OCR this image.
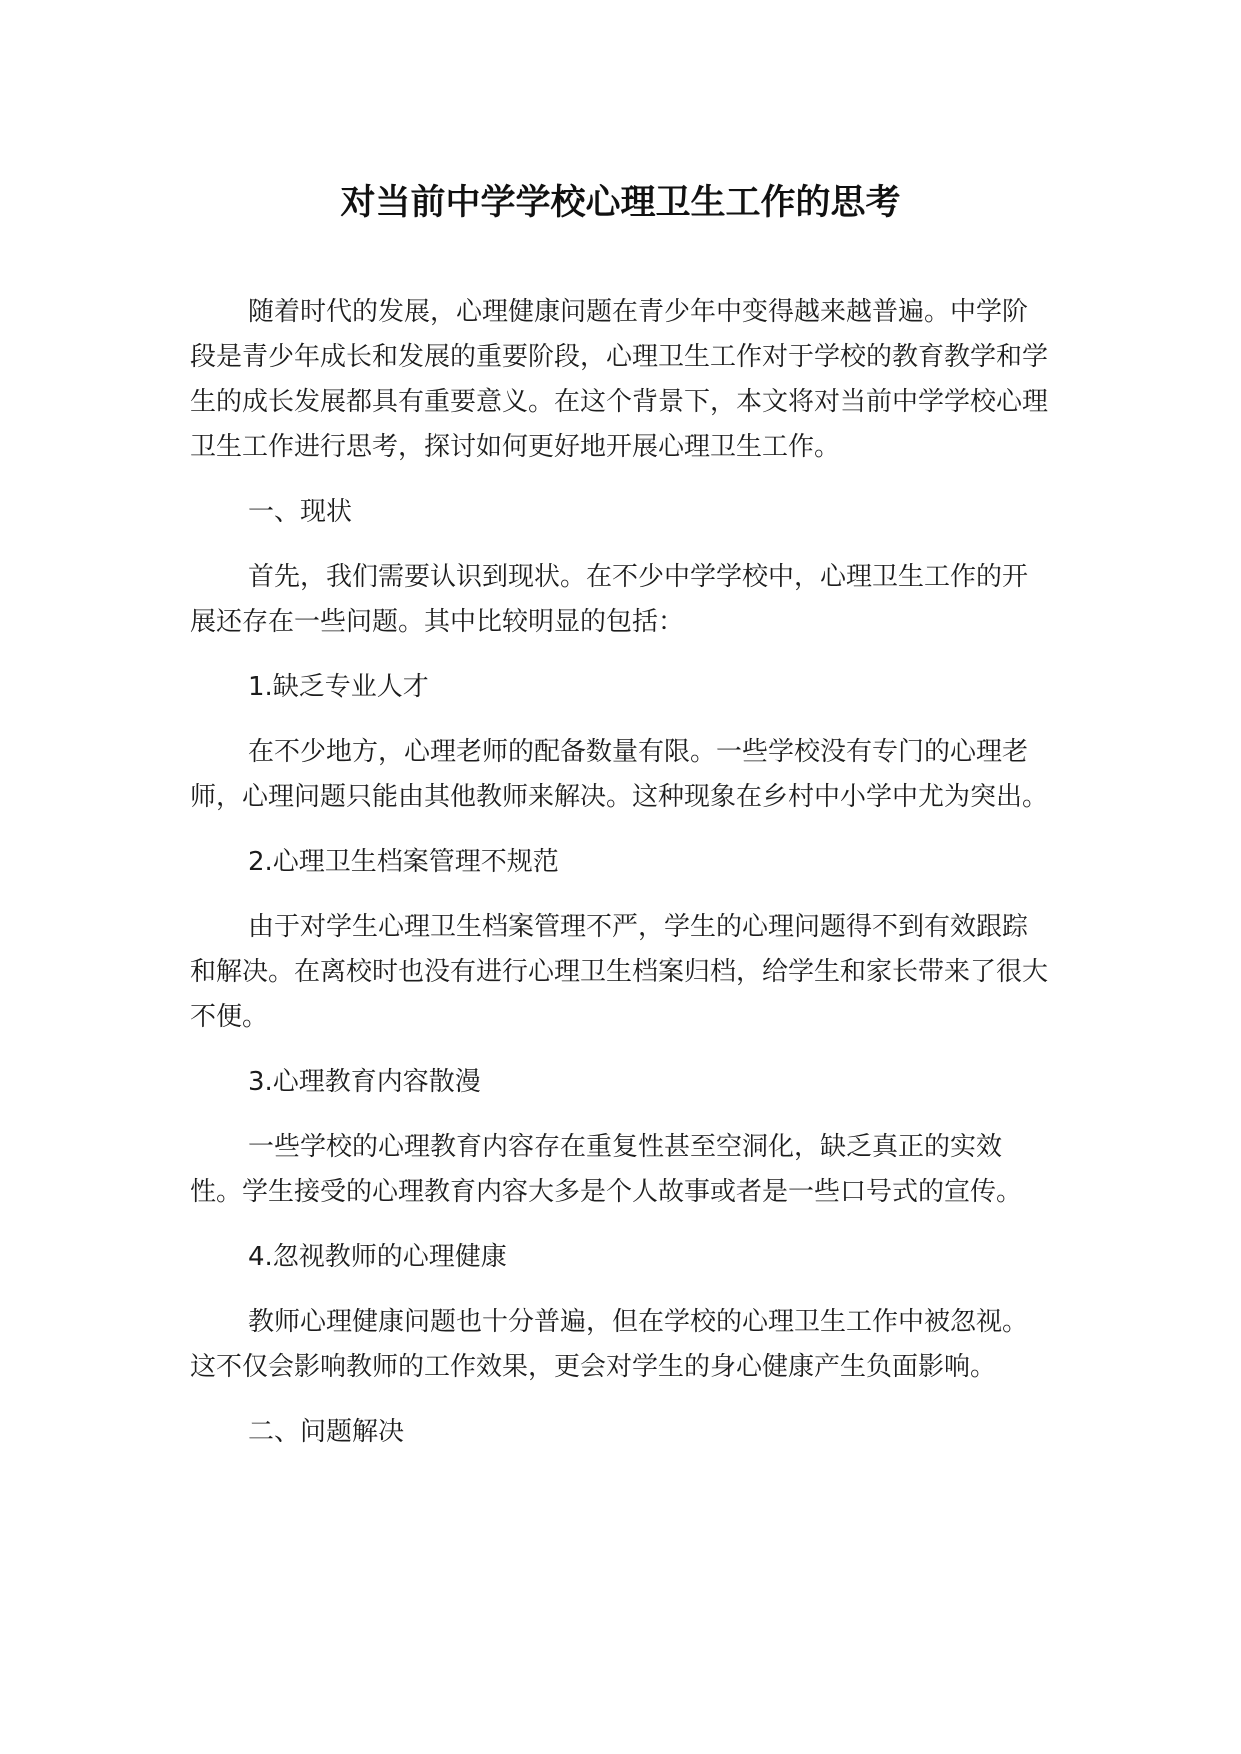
对当前中学学校心理卫生工作的思考

随着时代的发展，心理健康问题在青少年中变得越来越普遍。中学阶段是青少年成长和发展的重要阶段，心理卫生工作对于学校的教育教学和学生的成长发展都具有重要意义。在这个背景下，本文将对当前中学学校心理卫生工作进行思考，探讨如何更好地开展心理卫生工作。

一、现状

首先，我们需要认识到现状。在不少中学学校中，心理卫生工作的开展还存在一些问题。其中比较明显的包括：

1.缺乏专业人才

在不少地方，心理老师的配备数量有限。一些学校没有专门的心理老师，心理问题只能由其他教师来解决。这种现象在乡村中小学中尤为突出。

2.心理卫生档案管理不规范

由于对学生心理卫生档案管理不严，学生的心理问题得不到有效跟踪和解决。在离校时也没有进行心理卫生档案归档，给学生和家长带来了很大不便。

3.心理教育内容散漫

一些学校的心理教育内容存在重复性甚至空洞化，缺乏真正的实效性。学生接受的心理教育内容大多是个人故事或者是一些口号式的宣传。

4.忽视教师的心理健康

教师心理健康问题也十分普遍，但在学校的心理卫生工作中被忽视。这不仅会影响教师的工作效果，更会对学生的身心健康产生负面影响。

二、问题解决
